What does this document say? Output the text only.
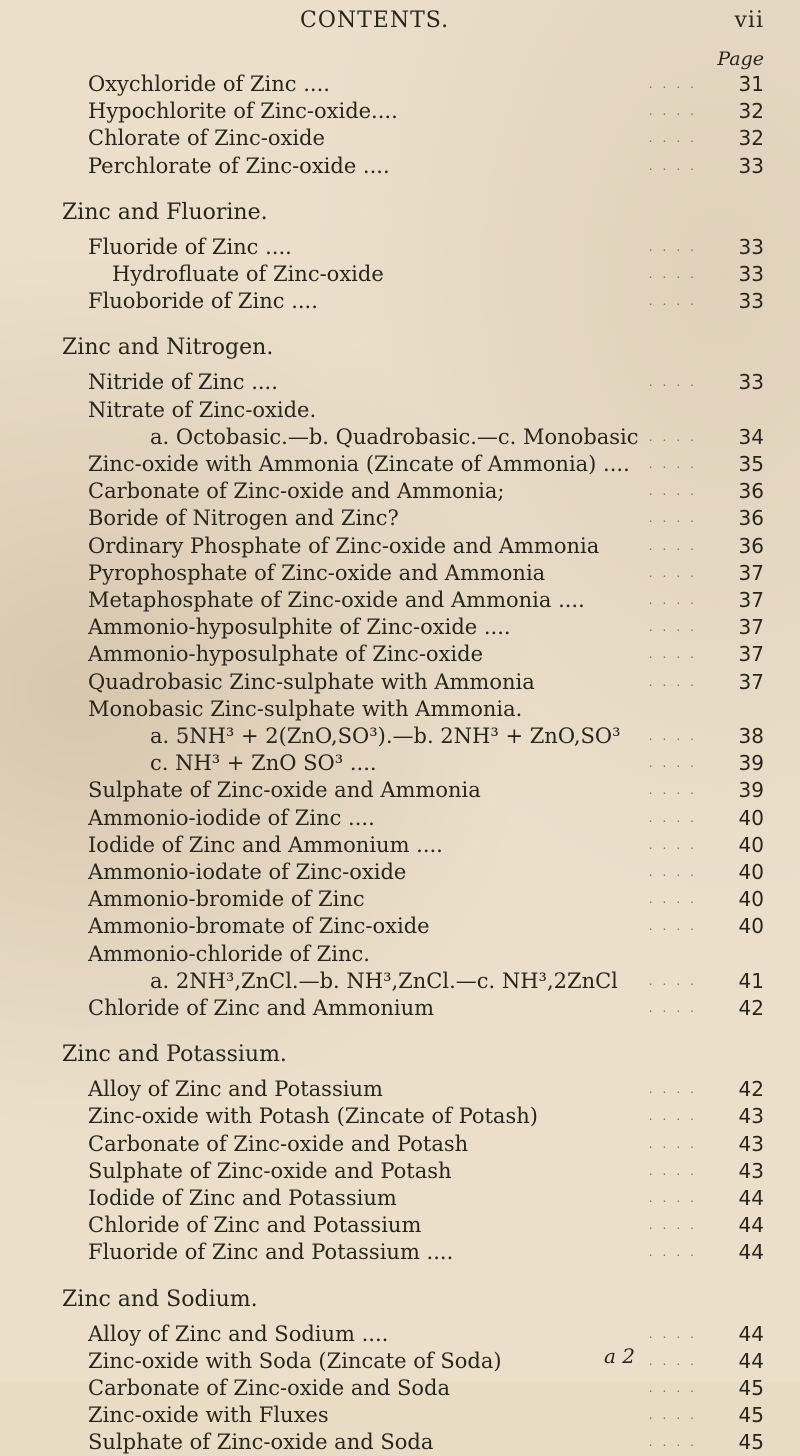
CONTENTS.	vii
Page
Oxychloride of Zinc ....	....	31
Hypochlorite of Zinc-oxide....	....	32
Chlorate of Zinc-oxide	....	32
Perchlorate of Zinc-oxide ....	....	33
Zinc and Fluorine.
Fluoride of Zinc ....	....	33
Hydrofluate of Zinc-oxide	....	33
Fluoboride of Zinc ....	....	33
Zinc and Nitrogen.
Nitride of Zinc ....	....	33
Nitrate of Zinc-oxide.
a. Octobasic.—b. Quadrobasic.—c. Monobasic ....	34
Zinc-oxide with Ammonia (Zincate of Ammonia) .... ....	35
Carbonate of Zinc-oxide and Ammonia;	....	36
Boride of Nitrogen and Zinc?	....	36
Ordinary Phosphate of Zinc-oxide and Ammonia	....	36
Pyrophosphate of Zinc-oxide and Ammonia	....	37
Metaphosphate of Zinc-oxide and Ammonia ....	....	37
Ammonio-hyposulphite of Zinc-oxide ....	....	37
Ammonio-hyposulphate of Zinc-oxide	....	37
Quadrobasic Zinc-sulphate with Ammonia	....	37
Monobasic Zinc-sulphate with Ammonia.
a. 5NH³ + 2(ZnO,SO³).—b. 2NH³ + ZnO,SO³ ....	38
c. NH³ + ZnO SO³ ....	....	39
Sulphate of Zinc-oxide and Ammonia	....	39
Ammonio-iodide of Zinc ....	....	40
Iodide of Zinc and Ammonium ....	....	40
Ammonio-iodate of Zinc-oxide	....	40
Ammonio-bromide of Zinc	....	40
Ammonio-bromate of Zinc-oxide	....	40
Ammonio-chloride of Zinc.
a. 2NH³,ZnCl.—b. NH³,ZnCl.—c. NH³,2ZnCl	....	41
Chloride of Zinc and Ammonium	....	42
Zinc and Potassium.
Alloy of Zinc and Potassium	....	42
Zinc-oxide with Potash (Zincate of Potash)	....	43
Carbonate of Zinc-oxide and Potash	....	43
Sulphate of Zinc-oxide and Potash	....	43
Iodide of Zinc and Potassium	....	44
Chloride of Zinc and Potassium	....	44
Fluoride of Zinc and Potassium ....	....	44
Zinc and Sodium.
Alloy of Zinc and Sodium ....	....	44
Zinc-oxide with Soda (Zincate of Soda)	....	44
Carbonate of Zinc-oxide and Soda	....	45
Zinc-oxide with Fluxes	....	45
Sulphate of Zinc-oxide and Soda	....	45
a 2
